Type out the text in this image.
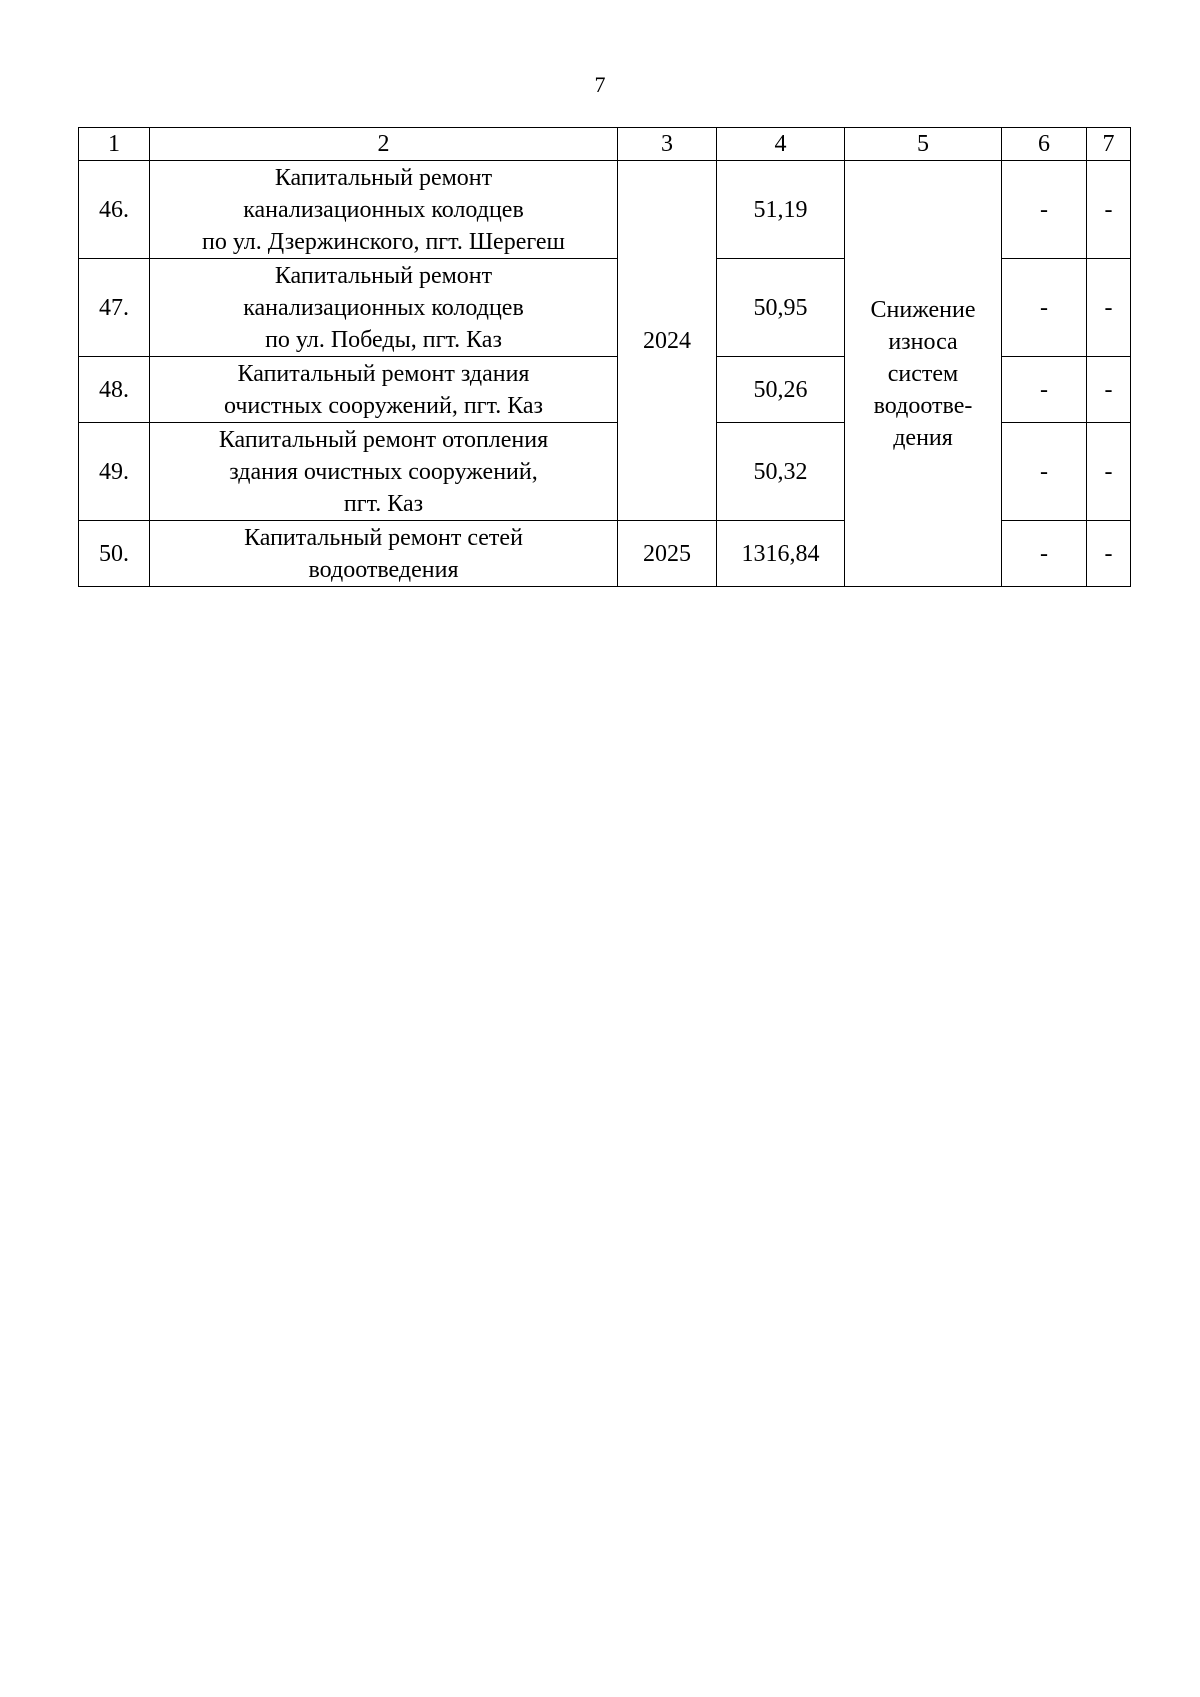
7
1	2	3	4	5	6	7
46.	Капитальный ремонт
канализационных колодцев
по ул. Дзержинского, пгт. Шерегеш	2024	51,19	Снижение
износа
систем
водоотве-
дения	-	-
47.	Капитальный ремонт
канализационных колодцев
по ул. Победы, пгт. Каз		50,95		-	-
48.	Капитальный ремонт здания
очистных сооружений, пгт. Каз		50,26		-	-
49.	Капитальный ремонт отопления
здания очистных сооружений,
пгт. Каз		50,32		-	-
50.	Капитальный ремонт сетей
водоотведения	2025	1316,84		-	-
